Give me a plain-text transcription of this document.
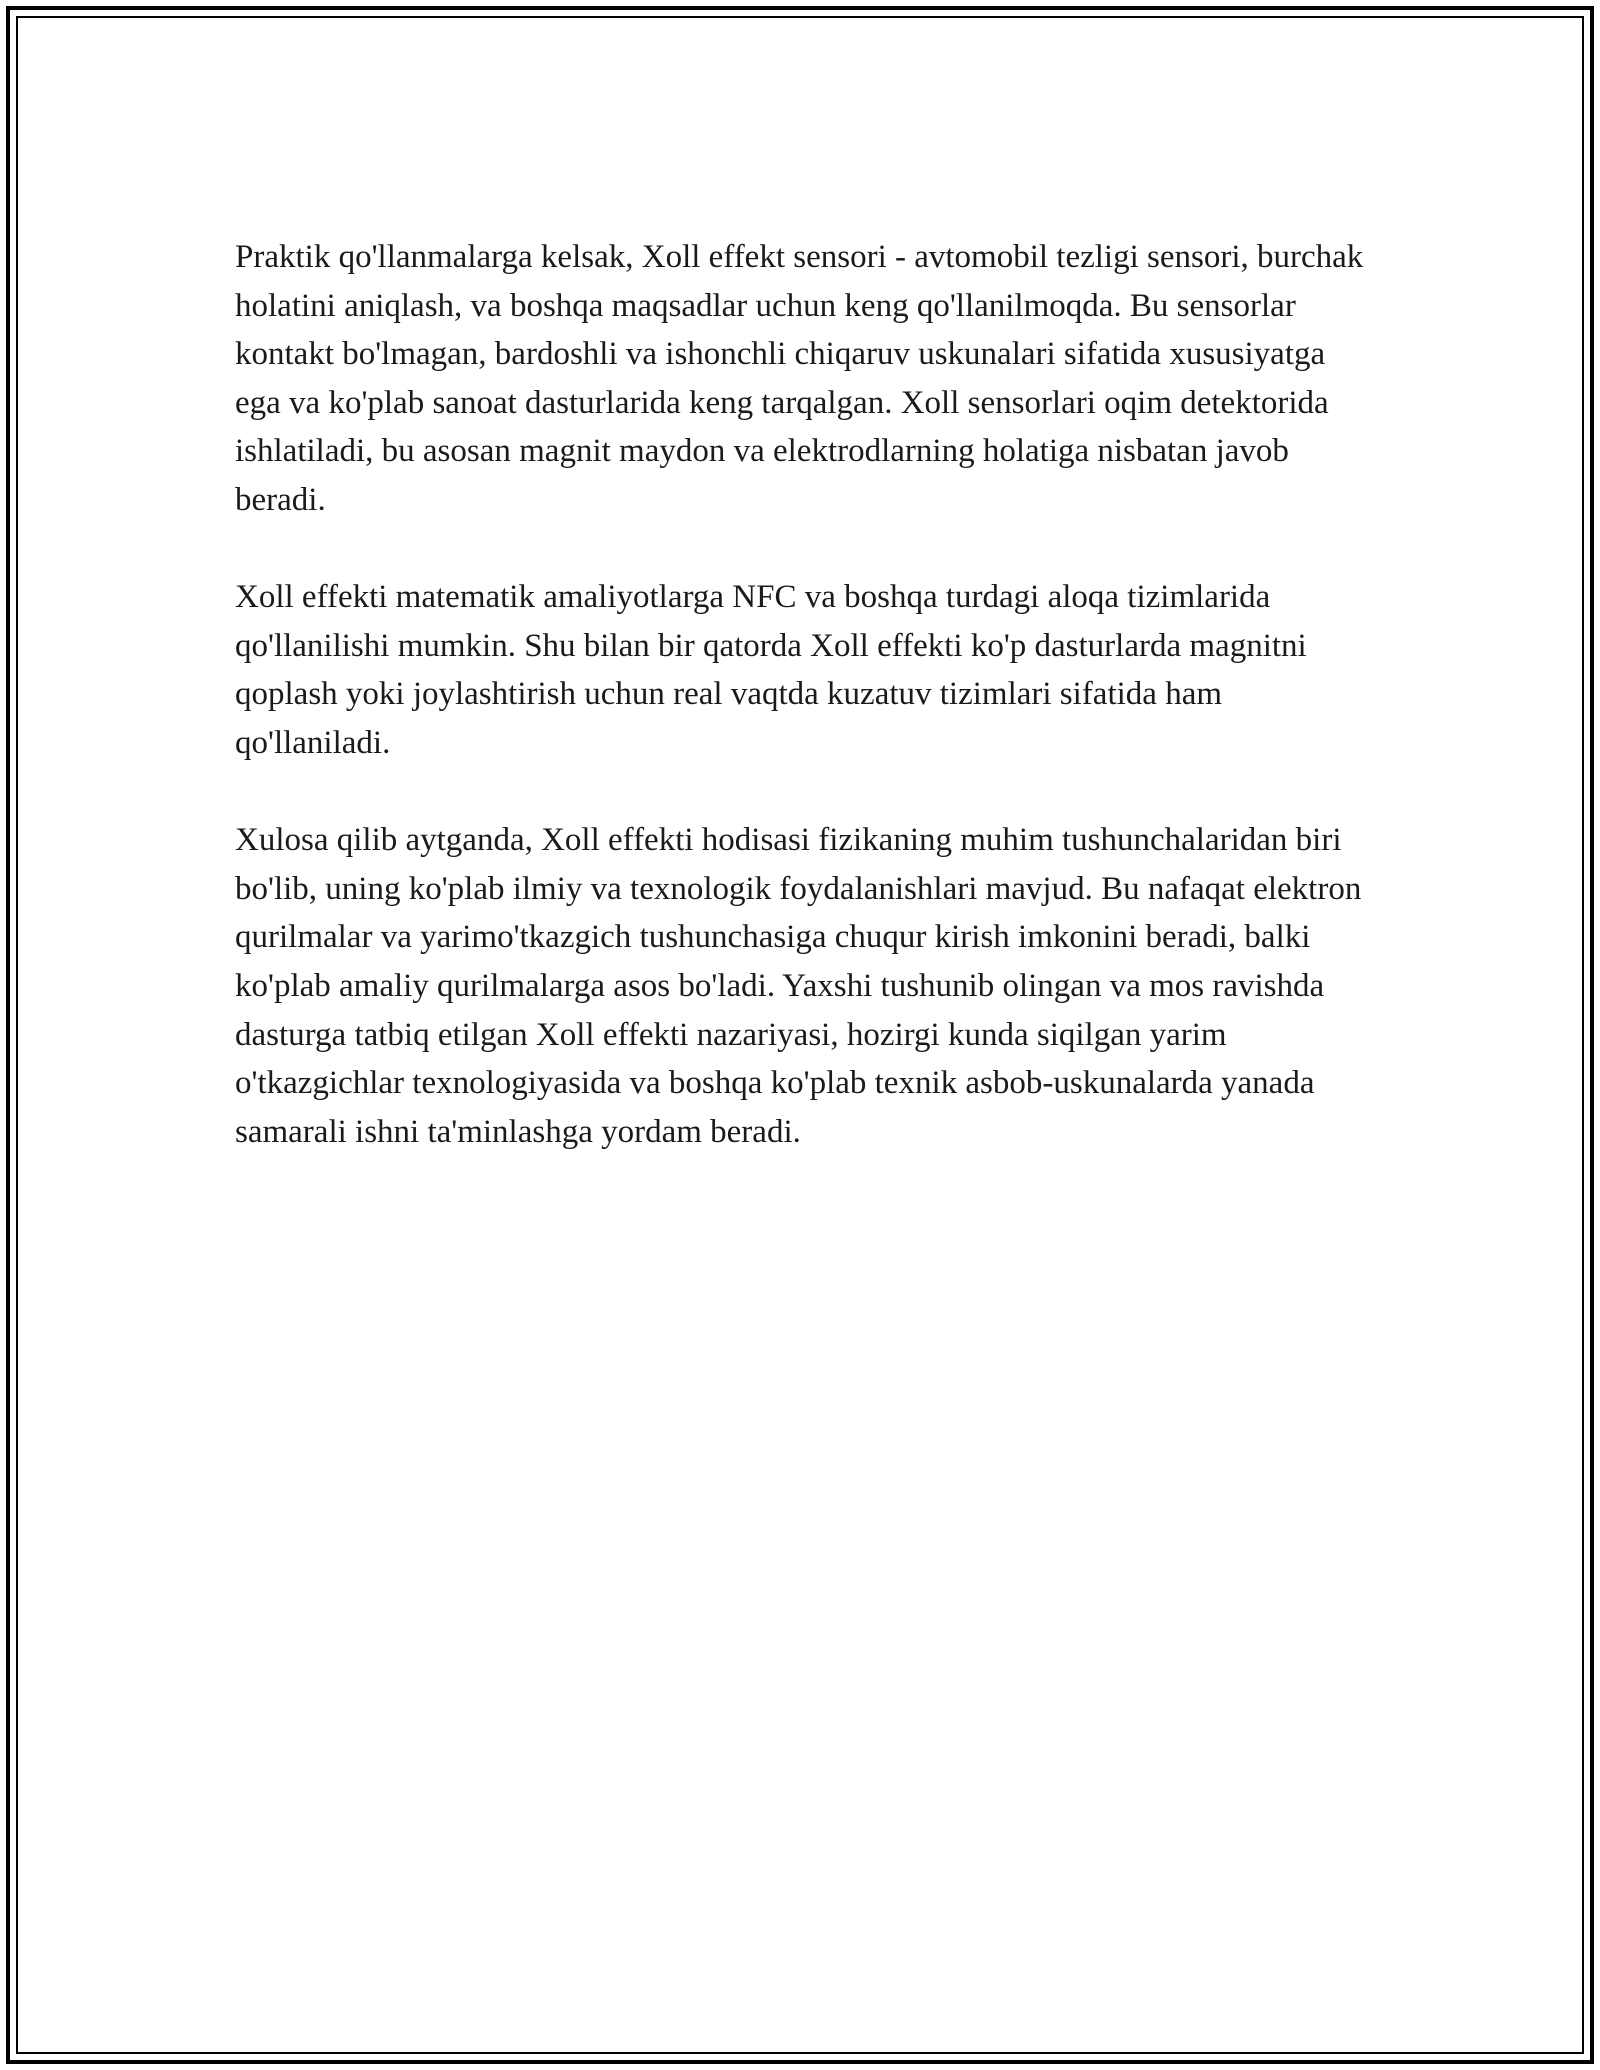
Praktik qo'llanmalarga kelsak, Xoll effekt sensori - avtomobil tezligi sensori, burchak holatini aniqlash, va boshqa maqsadlar uchun keng qo'llanilmoqda. Bu sensorlar kontakt bo'lmagan, bardoshli va ishonchli chiqaruv uskunalari sifatida xususiyatga ega va ko'plab sanoat dasturlarida keng tarqalgan. Xoll sensorlari oqim detektorida ishlatiladi, bu asosan magnit maydon va elektrodlarning holatiga nisbatan javob beradi.

Xoll effekti matematik amaliyotlarga NFC va boshqa turdagi aloqa tizimlarida qo'llanilishi mumkin. Shu bilan bir qatorda Xoll effekti ko'p dasturlarda magnitni qoplash yoki joylashtirish uchun real vaqtda kuzatuv tizimlari sifatida ham qo'llaniladi.

Xulosa qilib aytganda, Xoll effekti hodisasi fizikaning muhim tushunchalaridan biri bo'lib, uning ko'plab ilmiy va texnologik foydalanishlari mavjud. Bu nafaqat elektron qurilmalar va yarimo'tkazgich tushunchasiga chuqur kirish imkonini beradi, balki ko'plab amaliy qurilmalarga asos bo'ladi. Yaxshi tushunib olingan va mos ravishda dasturga tatbiq etilgan Xoll effekti nazariyasi, hozirgi kunda siqilgan yarim o'tkazgichlar texnologiyasida va boshqa ko'plab texnik asbob-uskunalarda yanada samarali ishni ta'minlashga yordam beradi.
